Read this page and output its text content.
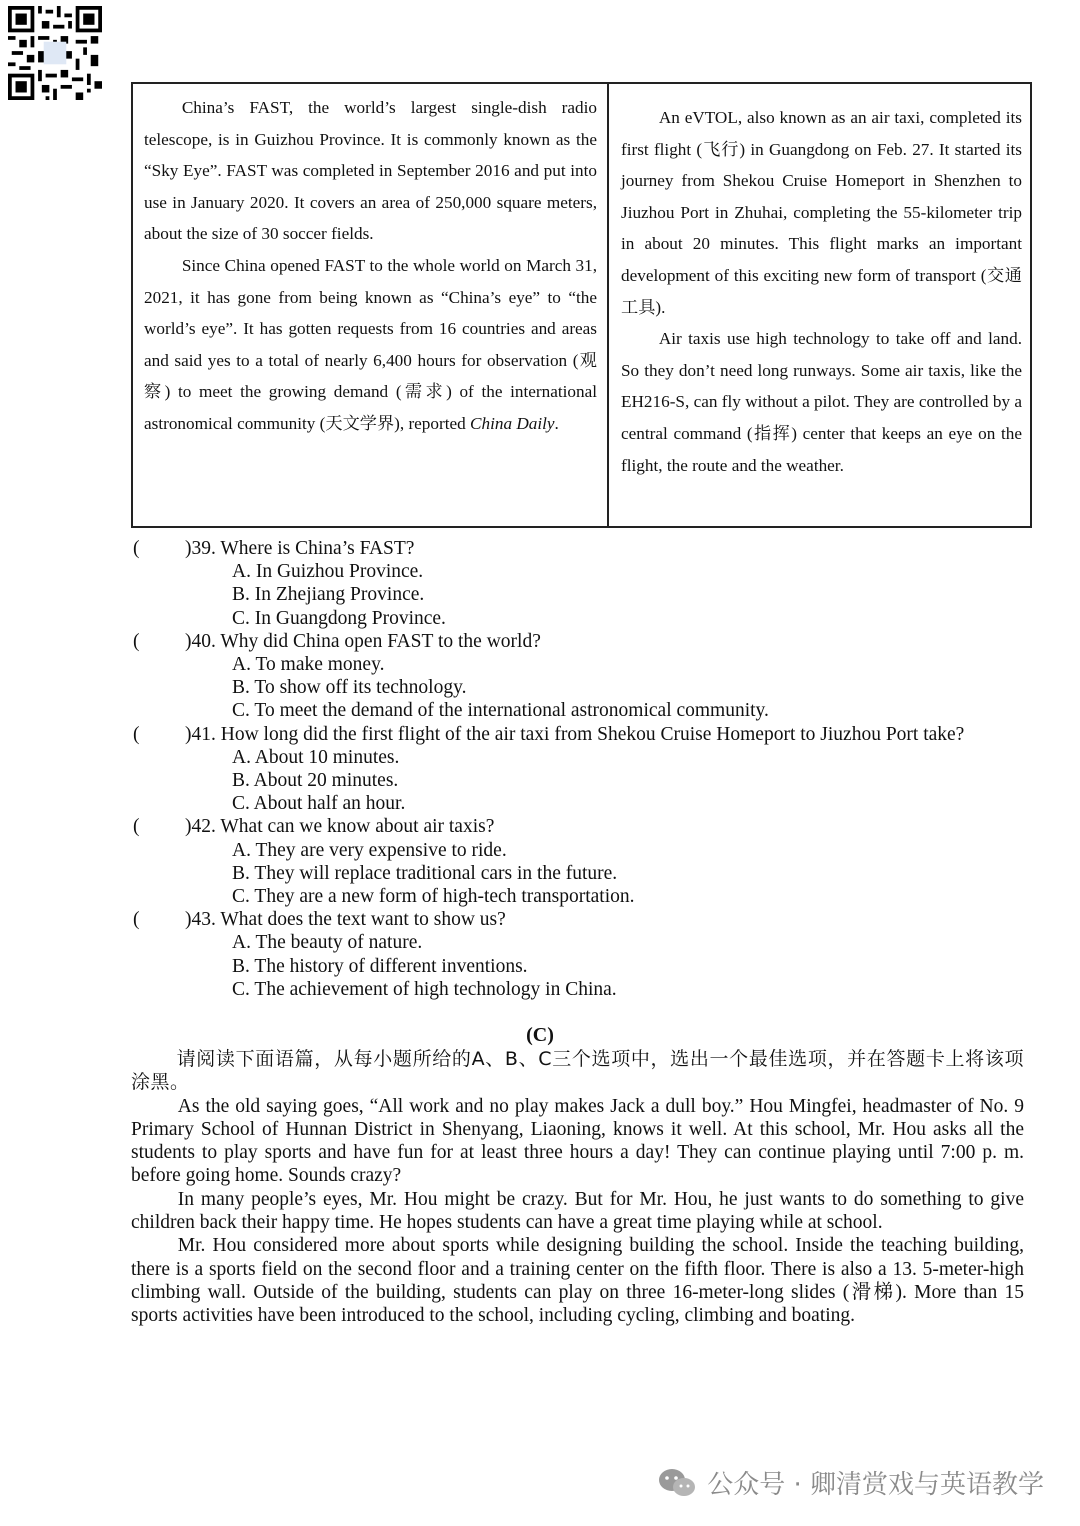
China’s FAST, the world’s largest single-dish radio telescope, is in Guizhou Province. It is commonly known as the “Sky Eye”. FAST was completed in September 2016 and put into use in January 2020. It covers an area of 250,000 square meters, about the size of 30 soccer fields.

Since China opened FAST to the whole world on March 31, 2021, it has gone from being known as “China’s eye” to “the world’s eye”. It has gotten requests from 16 countries and areas and said yes to a total of nearly 6,400 hours for observation (观察) to meet the growing demand (需求) of the international astronomical community (天文学界), reported China Daily.

An eVTOL, also known as an air taxi, completed its first flight (飞行) in Guangdong on Feb. 27. It started its journey from Shekou Cruise Homeport in Shenzhen to Jiuzhou Port in Zhuhai, completing the 55-kilometer trip in about 20 minutes. This flight marks an important development of this exciting new form of transport (交通工具).

Air taxis use high technology to take off and land. So they don’t need long runways. Some air taxis, like the EH216-S, can fly without a pilot. They are controlled by a central command (指挥) center that keeps an eye on the flight, the route and the weather.

( )39. Where is China’s FAST?
A. In Guizhou Province.
B. In Zhejiang Province.
C. In Guangdong Province.
( )40. Why did China open FAST to the world?
A. To make money.
B. To show off its technology.
C. To meet the demand of the international astronomical community.
( )41. How long did the first flight of the air taxi from Shekou Cruise Homeport to Jiuzhou Port take?
A. About 10 minutes.
B. About 20 minutes.
C. About half an hour.
( )42. What can we know about air taxis?
A. They are very expensive to ride.
B. They will replace traditional cars in the future.
C. They are a new form of high-tech transportation.
( )43. What does the text want to show us?
A. The beauty of nature.
B. The history of different inventions.
C. The achievement of high technology in China.
(C)

请阅读下面语篇，从每小题所给的A、B、C三个选项中，选出一个最佳选项，并在答题卡上将该项涂黑。

As the old saying goes, “All work and no play makes Jack a dull boy.” Hou Mingfei, headmaster of No. 9 Primary School of Hunnan District in Shenyang, Liaoning, knows it well. At this school, Mr. Hou asks all the students to play sports and have fun for at least three hours a day! They can continue playing until 7:00 p. m. before going home. Sounds crazy?

In many people’s eyes, Mr. Hou might be crazy. But for Mr. Hou, he just wants to do something to give children back their happy time. He hopes students can have a great time playing while at school.

Mr. Hou considered more about sports while designing building the school. Inside the teaching building, there is a sports field on the second floor and a training center on the fifth floor. There is also a 13. 5-meter-high climbing wall. Outside of the building, students can play on three 16-meter-long slides (滑梯). More than 15 sports activities have been introduced to the school, including cycling, climbing and boating.

公众号 · 卿清赏戏与英语教学
